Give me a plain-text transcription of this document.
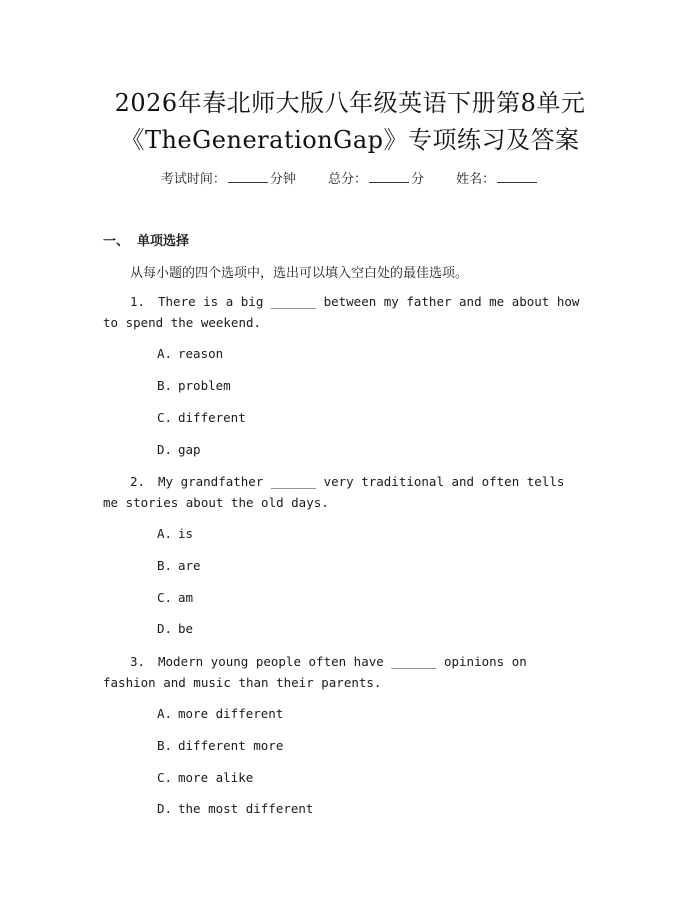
2026年春北师大版八年级英语下册第8单元
《TheGenerationGap》专项练习及答案
考试时间：	分钟 总分：	分 姓名：
一、 单项选择
从每小题的四个选项中，选出可以填入空白处的最佳选项。
1. There is a big ______ between my father and me about how to spend the weekend.
A. reason
B. problem
C. different
D. gap
2. My grandfather ______ very traditional and often tells me stories about the old days.
A. is
B. are
C. am
D. be
3. Modern young people often have ______ opinions on fashion and music than their parents.
A. more different
B. different more
C. more alike
D. the most different
